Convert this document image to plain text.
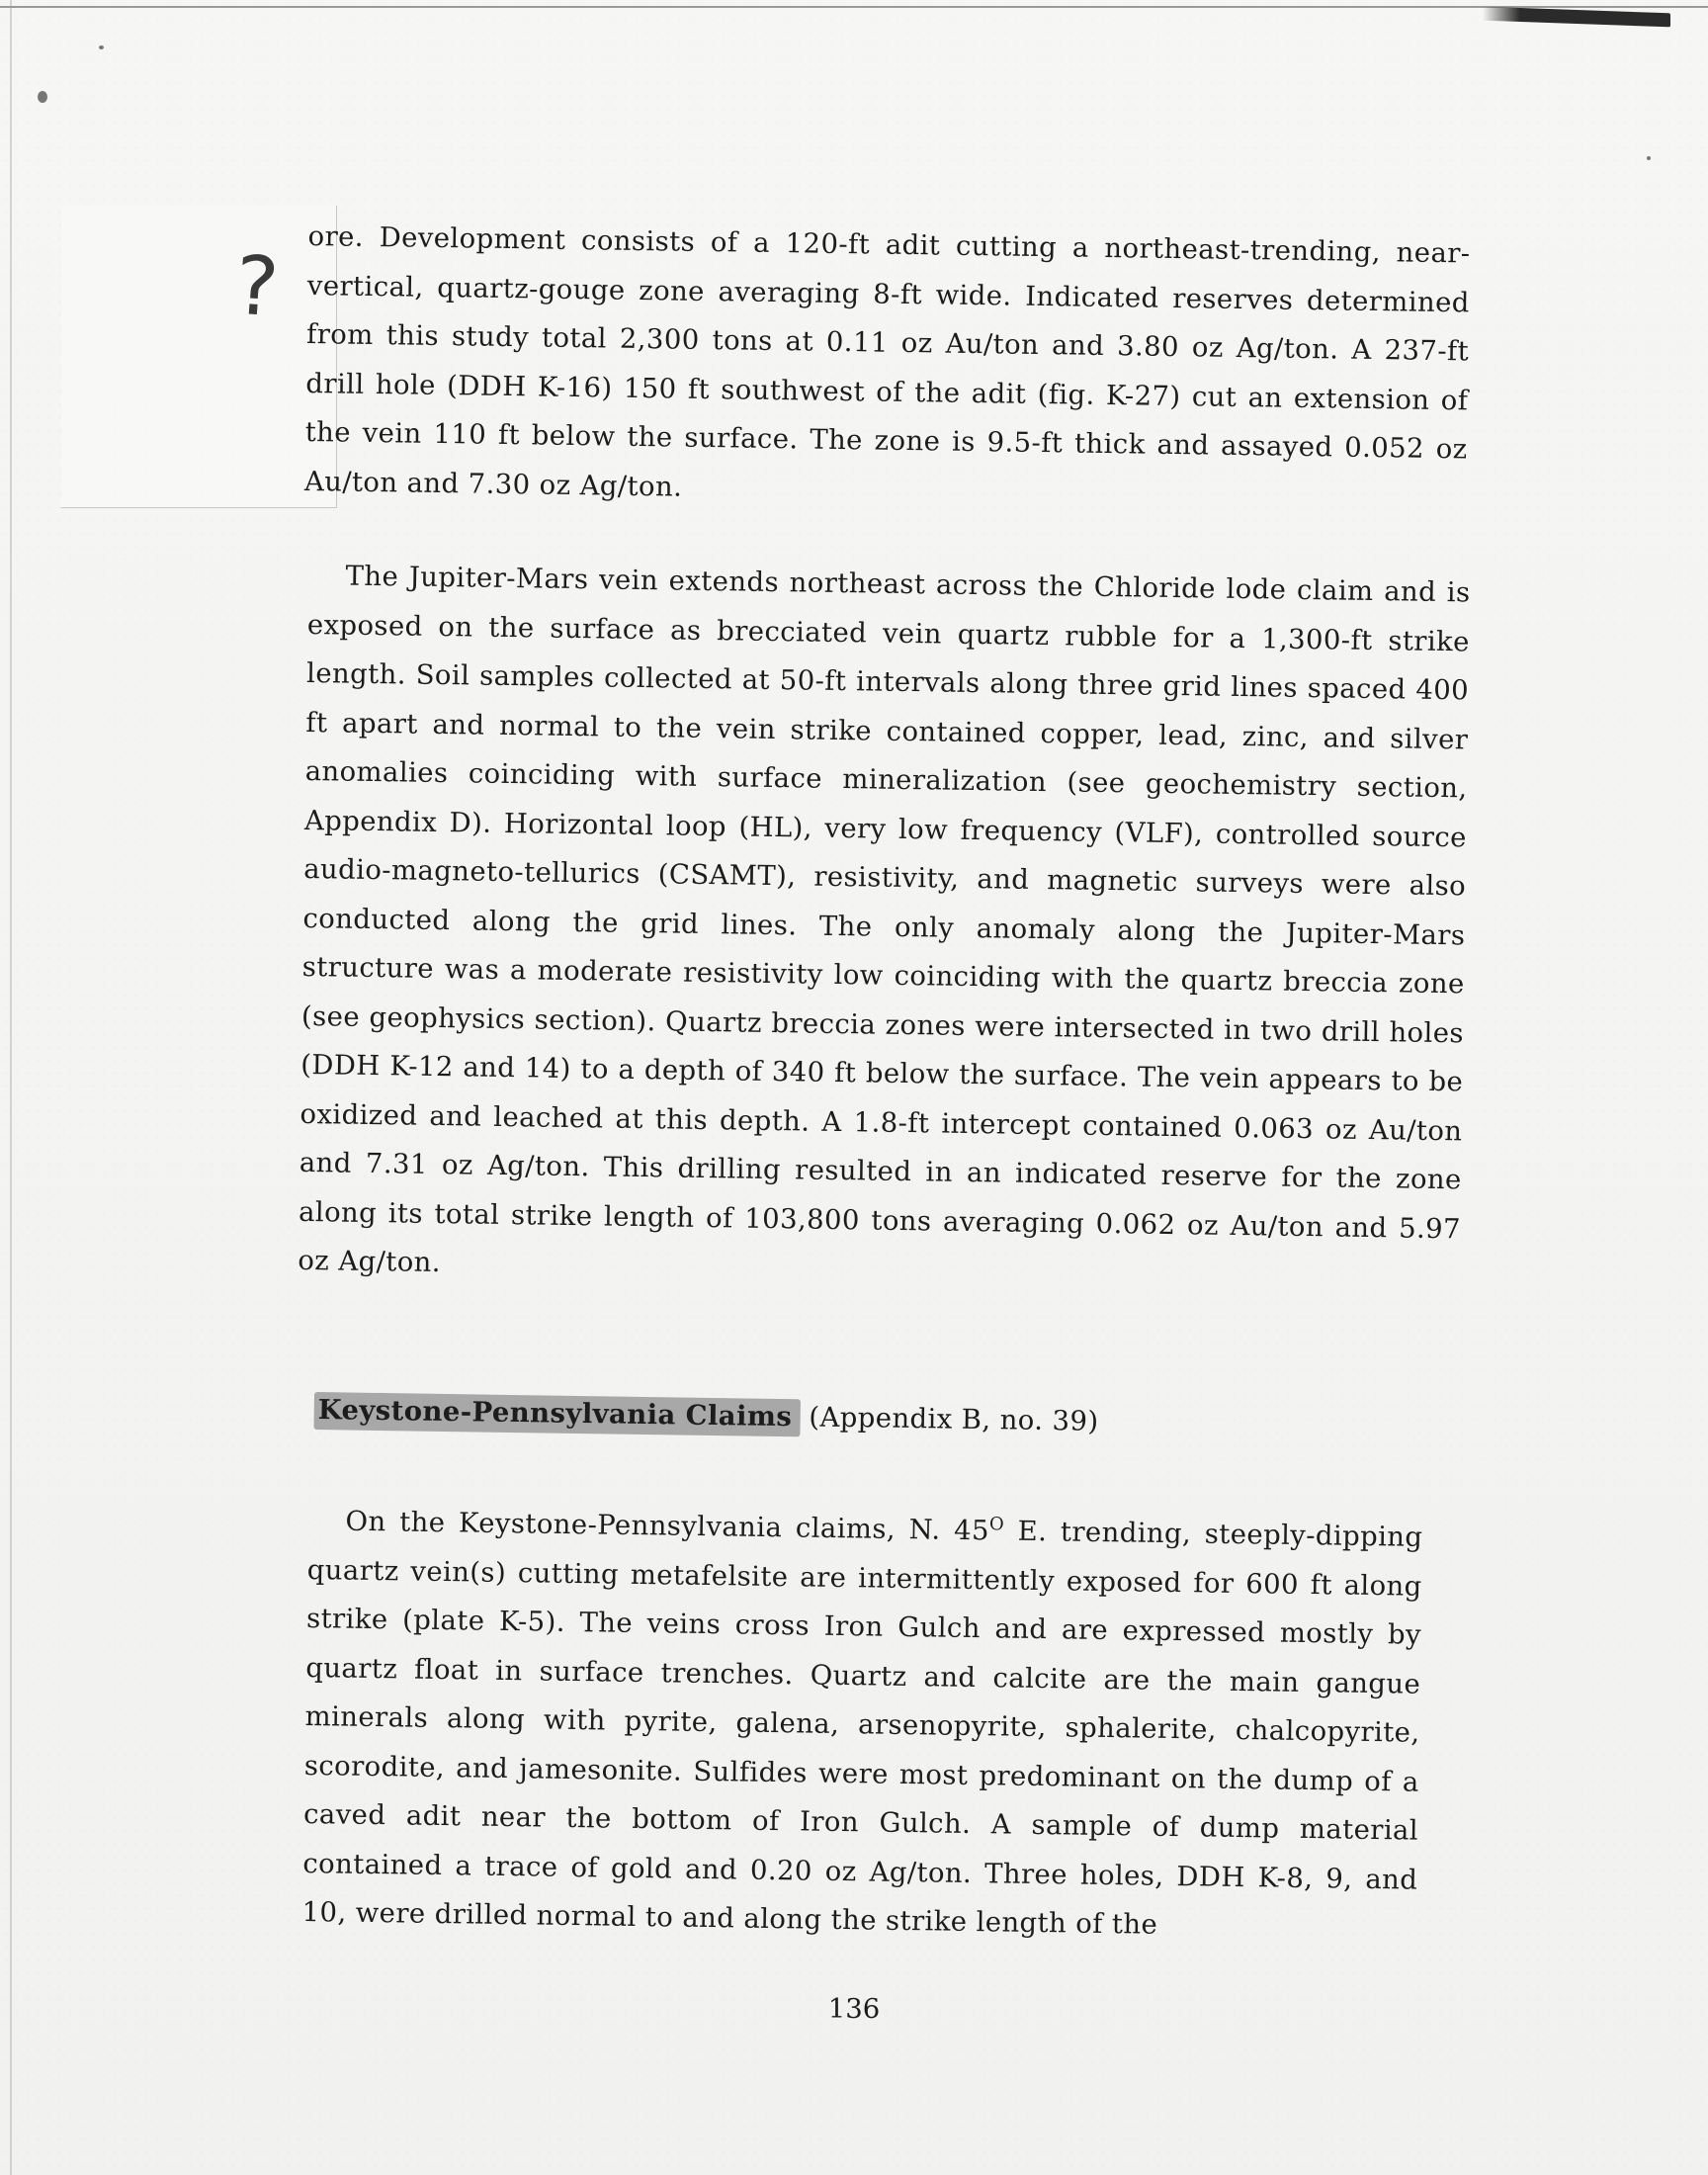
? ore. Development consists of a 120-ft adit cutting a northeast-trending, near-vertical, quartz-gouge zone averaging 8-ft wide. Indicated reserves determined from this study total 2,300 tons at 0.11 oz Au/ton and 3.80 oz Ag/ton. A 237-ft drill hole (DDH K-16) 150 ft southwest of the adit (fig. K-27) cut an extension of the vein 110 ft below the surface. The zone is 9.5-ft thick and assayed 0.052 oz Au/ton and 7.30 oz Ag/ton.
The Jupiter-Mars vein extends northeast across the Chloride lode claim and is exposed on the surface as brecciated vein quartz rubble for a 1,300-ft strike length. Soil samples collected at 50-ft intervals along three grid lines spaced 400 ft apart and normal to the vein strike contained copper, lead, zinc, and silver anomalies coinciding with surface mineralization (see geochemistry section, Appendix D). Horizontal loop (HL), very low frequency (VLF), controlled source audio-magneto-tellurics (CSAMT), resistivity, and magnetic surveys were also conducted along the grid lines. The only anomaly along the Jupiter-Mars structure was a moderate resistivity low coinciding with the quartz breccia zone (see geophysics section). Quartz breccia zones were intersected in two drill holes (DDH K-12 and 14) to a depth of 340 ft below the surface. The vein appears to be oxidized and leached at this depth. A 1.8-ft intercept contained 0.063 oz Au/ton and 7.31 oz Ag/ton. This drilling resulted in an indicated reserve for the zone along its total strike length of 103,800 tons averaging 0.062 oz Au/ton and 5.97 oz Ag/ton.
Keystone-Pennsylvania Claims (Appendix B, no. 39)
On the Keystone-Pennsylvania claims, N. $45^O$ E. trending, steeply-dipping quartz vein(s) cutting metafelsite are intermittently exposed for 600 ft along strike (plate K-5). The veins cross Iron Gulch and are expressed mostly by quartz float in surface trenches. Quartz and calcite are the main gangue minerals along with pyrite, galena, arsenopyrite, sphalerite, chalcopyrite, scorodite, and jamesonite. Sulfides were most predominant on the dump of a caved adit near the bottom of Iron Gulch. A sample of dump material contained a trace of gold and 0.20 oz Ag/ton. Three holes, DDH K-8, 9, and 10, were drilled normal to and along the strike length of the
136
